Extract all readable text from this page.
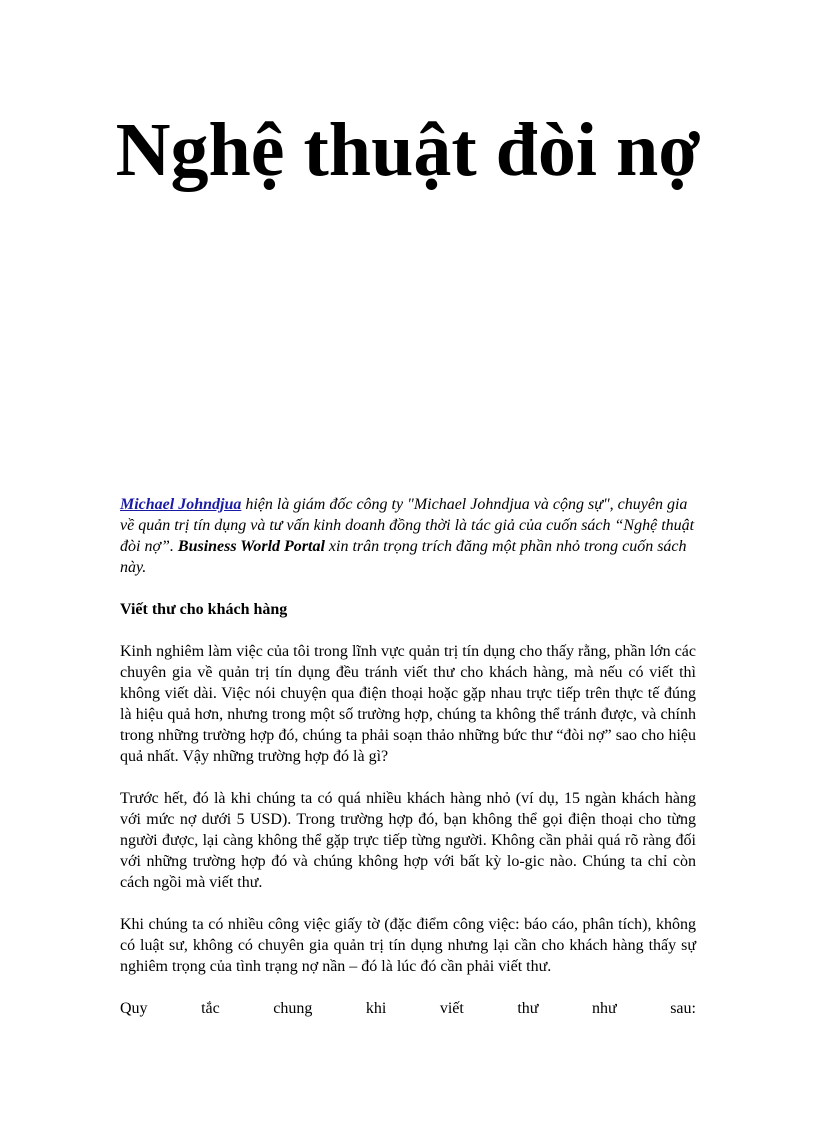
Nghệ thuật đòi nợ

Michael Johndjua hiện là giám đốc công ty "Michael Johndjua và cộng sự", chuyên gia về quản trị tín dụng và tư vấn kinh doanh đồng thời là tác giả của cuốn sách “Nghệ thuật đòi nợ”. Business World Portal xin trân trọng trích đăng một phần nhỏ trong cuốn sách này.

Viết thư cho khách hàng

Kinh nghiêm làm việc của tôi trong lĩnh vực quản trị tín dụng cho thấy rằng, phần lớn các chuyên gia về quản trị tín dụng đều tránh viết thư cho khách hàng, mà nếu có viết thì không viết dài. Việc nói chuyện qua điện thoại hoặc gặp nhau trực tiếp trên thực tế đúng là hiệu quả hơn, nhưng trong một số trường hợp, chúng ta không thể tránh được, và chính trong những trường hợp đó, chúng ta phải soạn thảo những bức thư “đòi nợ” sao cho hiệu quả nhất. Vậy những trường hợp đó là gì?

Trước hết, đó là khi chúng ta có quá nhiều khách hàng nhỏ (ví dụ, 15 ngàn khách hàng với mức nợ dưới 5 USD). Trong trường hợp đó, bạn không thể gọi điện thoại cho từng người được, lại càng không thể gặp trực tiếp từng người. Không cần phải quá rõ ràng đối với những trường hợp đó và chúng không hợp với bất kỳ lo-gic nào. Chúng ta chỉ còn cách ngồi mà viết thư.

Khi chúng ta có nhiều công việc giấy tờ (đặc điểm công việc: báo cáo, phân tích), không có luật sư, không có chuyên gia quản trị tín dụng nhưng lại cần cho khách hàng thấy sự nghiêm trọng của tình trạng nợ nần – đó là lúc đó cần phải viết thư.

Quy	tắc	chung	khi	viết	thư	như	sau:
